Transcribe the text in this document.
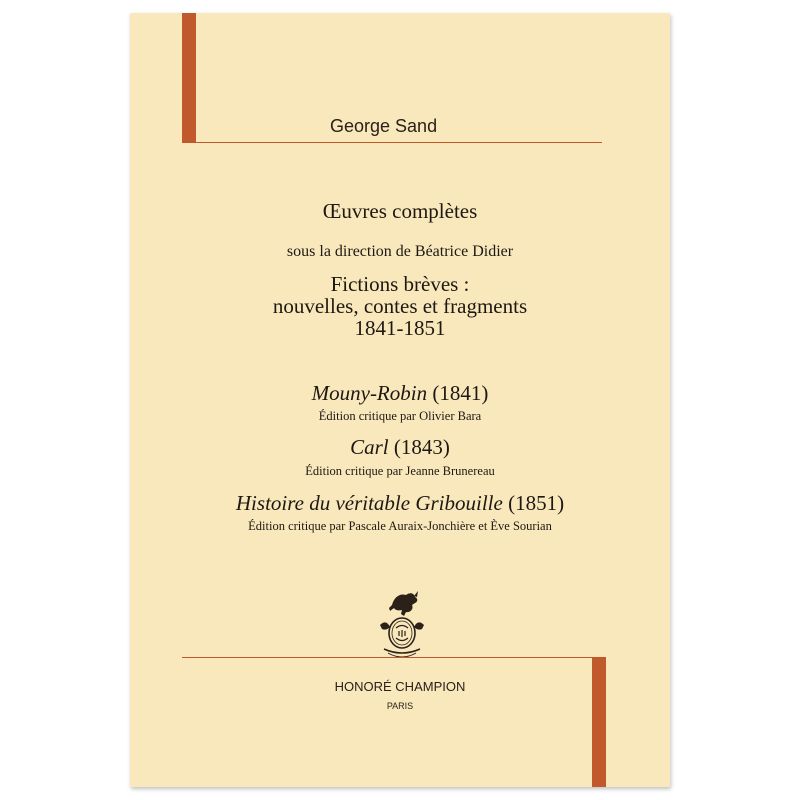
George Sand

Œuvres complètes

sous la direction de Béatrice Didier

Fictions brèves :
nouvelles, contes et fragments
1841-1851

Mouny-Robin (1841)

Édition critique par Olivier Bara

Carl (1843)

Édition critique par Jeanne Brunereau

Histoire du véritable Gribouille (1851)

Édition critique par Pascale Auraix-Jonchière et Ève Sourian

HONORÉ CHAMPION

PARIS
